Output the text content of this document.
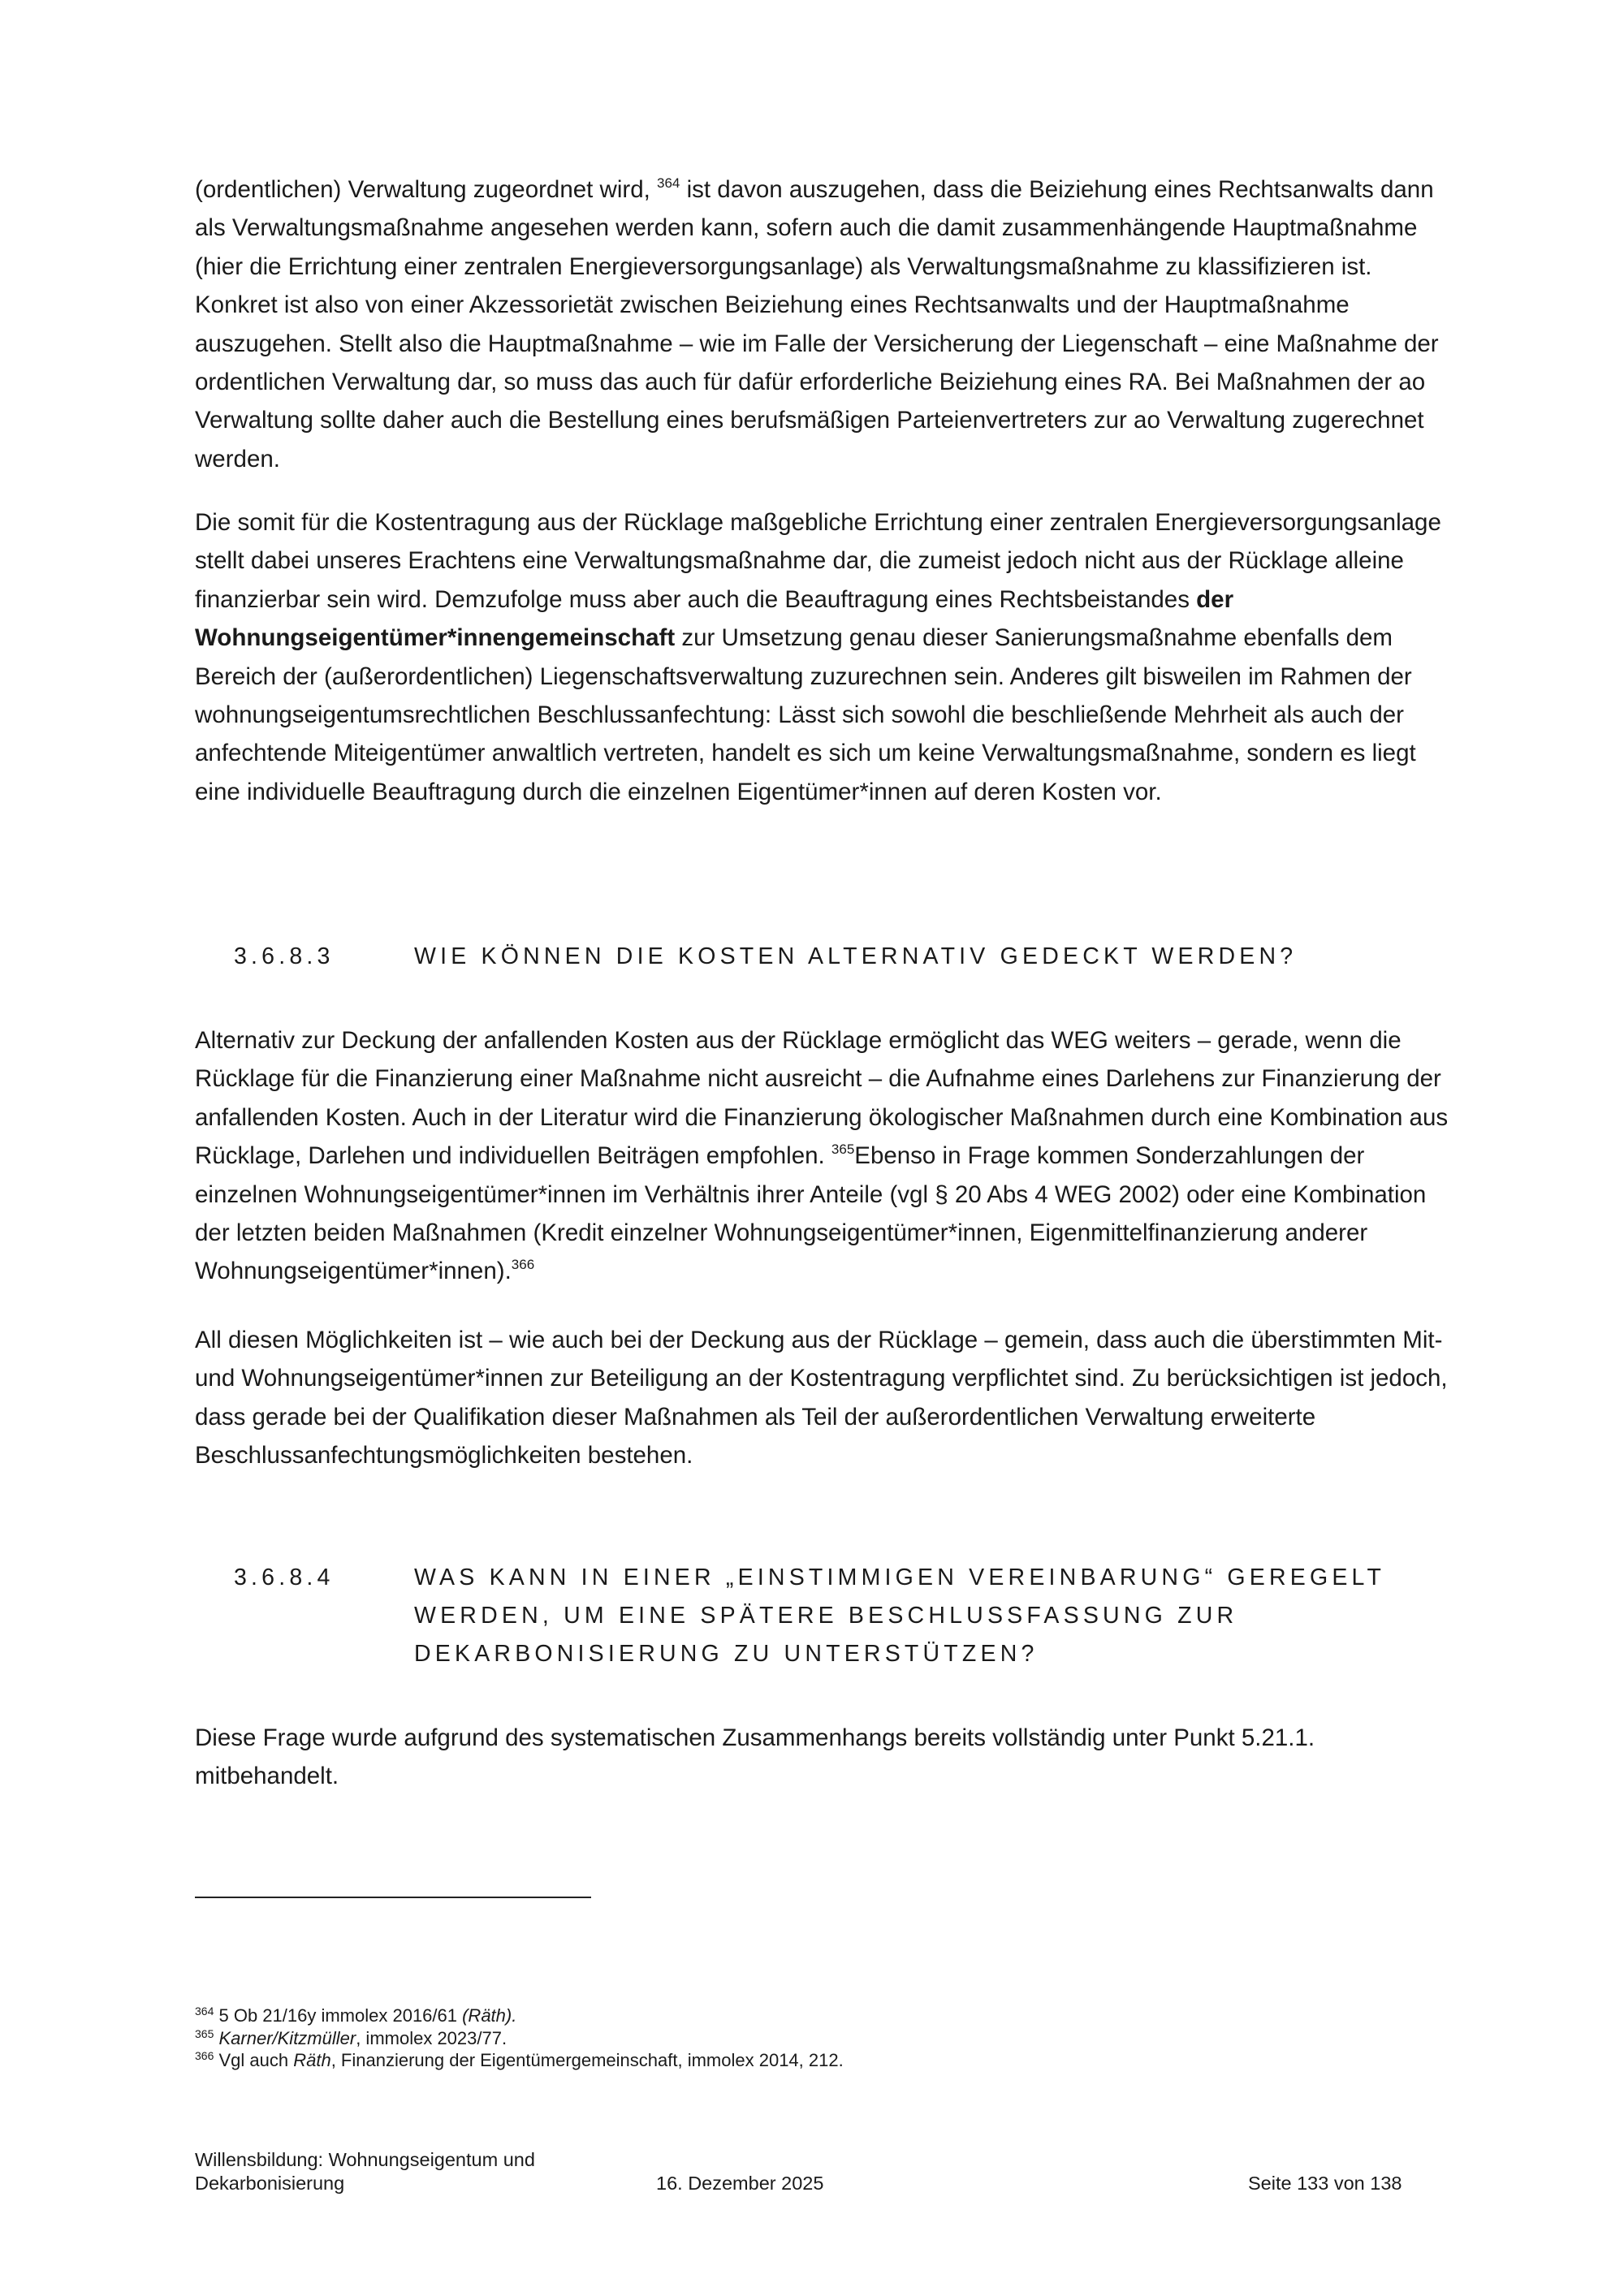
(ordentlichen) Verwaltung zugeordnet wird, $^{364}$ ist davon auszugehen, dass die Beiziehung eines Rechtsanwalts dann als Verwaltungsmaßnahme angesehen werden kann, sofern auch die damit zusammenhängende Hauptmaßnahme (hier die Errichtung einer zentralen Energieversorgungsanlage) als Verwaltungsmaßnahme zu klassifizieren ist. Konkret ist also von einer Akzessorietät zwischen Beiziehung eines Rechtsanwalts und der Hauptmaßnahme auszugehen. Stellt also die Hauptmaßnahme – wie im Falle der Versicherung der Liegenschaft – eine Maßnahme der ordentlichen Verwaltung dar, so muss das auch für dafür erforderliche Beiziehung eines RA. Bei Maßnahmen der ao Verwaltung sollte daher auch die Bestellung eines berufsmäßigen Parteienvertreters zur ao Verwaltung zugerechnet werden.

Die somit für die Kostentragung aus der Rücklage maßgebliche Errichtung einer zentralen Energieversorgungsanlage stellt dabei unseres Erachtens eine Verwaltungsmaßnahme dar, die zumeist jedoch nicht aus der Rücklage alleine finanzierbar sein wird. Demzufolge muss aber auch die Beauftragung eines Rechtsbeistandes der Wohnungseigentümer*innengemeinschaft zur Umsetzung genau dieser Sanierungsmaßnahme ebenfalls dem Bereich der (außerordentlichen) Liegenschaftsverwaltung zuzurechnen sein. Anderes gilt bisweilen im Rahmen der wohnungseigentumsrechtlichen Beschlussanfechtung: Lässt sich sowohl die beschließende Mehrheit als auch der anfechtende Miteigentümer anwaltlich vertreten, handelt es sich um keine Verwaltungsmaßnahme, sondern es liegt eine individuelle Beauftragung durch die einzelnen Eigentümer*innen auf deren Kosten vor.

3.6.8.3	WIE KÖNNEN DIE KOSTEN ALTERNATIV GEDECKT WERDEN?

Alternativ zur Deckung der anfallenden Kosten aus der Rücklage ermöglicht das WEG weiters – gerade, wenn die Rücklage für die Finanzierung einer Maßnahme nicht ausreicht – die Aufnahme eines Darlehens zur Finanzierung der anfallenden Kosten. Auch in der Literatur wird die Finanzierung ökologischer Maßnahmen durch eine Kombination aus Rücklage, Darlehen und individuellen Beiträgen empfohlen. $^{365}$Ebenso in Frage kommen Sonderzahlungen der einzelnen Wohnungseigentümer*innen im Verhältnis ihrer Anteile (vgl § 20 Abs 4 WEG 2002) oder eine Kombination der letzten beiden Maßnahmen (Kredit einzelner Wohnungseigentümer*innen, Eigenmittelfinanzierung anderer Wohnungseigentümer*innen).$^{366}$

All diesen Möglichkeiten ist – wie auch bei der Deckung aus der Rücklage – gemein, dass auch die überstimmten Mit- und Wohnungseigentümer*innen zur Beteiligung an der Kostentragung verpflichtet sind. Zu berücksichtigen ist jedoch, dass gerade bei der Qualifikation dieser Maßnahmen als Teil der außerordentlichen Verwaltung erweiterte Beschlussanfechtungsmöglichkeiten bestehen.

3.6.8.4	WAS KANN IN EINER „EINSTIMMIGEN VEREINBARUNG“ GEREGELT WERDEN, UM EINE SPÄTERE BESCHLUSSFASSUNG ZUR DEKARBONISIERUNG ZU UNTERSTÜTZEN?

Diese Frage wurde aufgrund des systematischen Zusammenhangs bereits vollständig unter Punkt 5.21.1. mitbehandelt.

$^{364}$ 5 Ob 21/16y immolex 2016/61 (Räth).
$^{365}$ Karner/Kitzmüller, immolex 2023/77.
$^{366}$ Vgl auch Räth, Finanzierung der Eigentümergemeinschaft, immolex 2014, 212.
Willensbildung: Wohnungseigentum und
Dekarbonisierung	16. Dezember 2025	Seite 133 von 138
